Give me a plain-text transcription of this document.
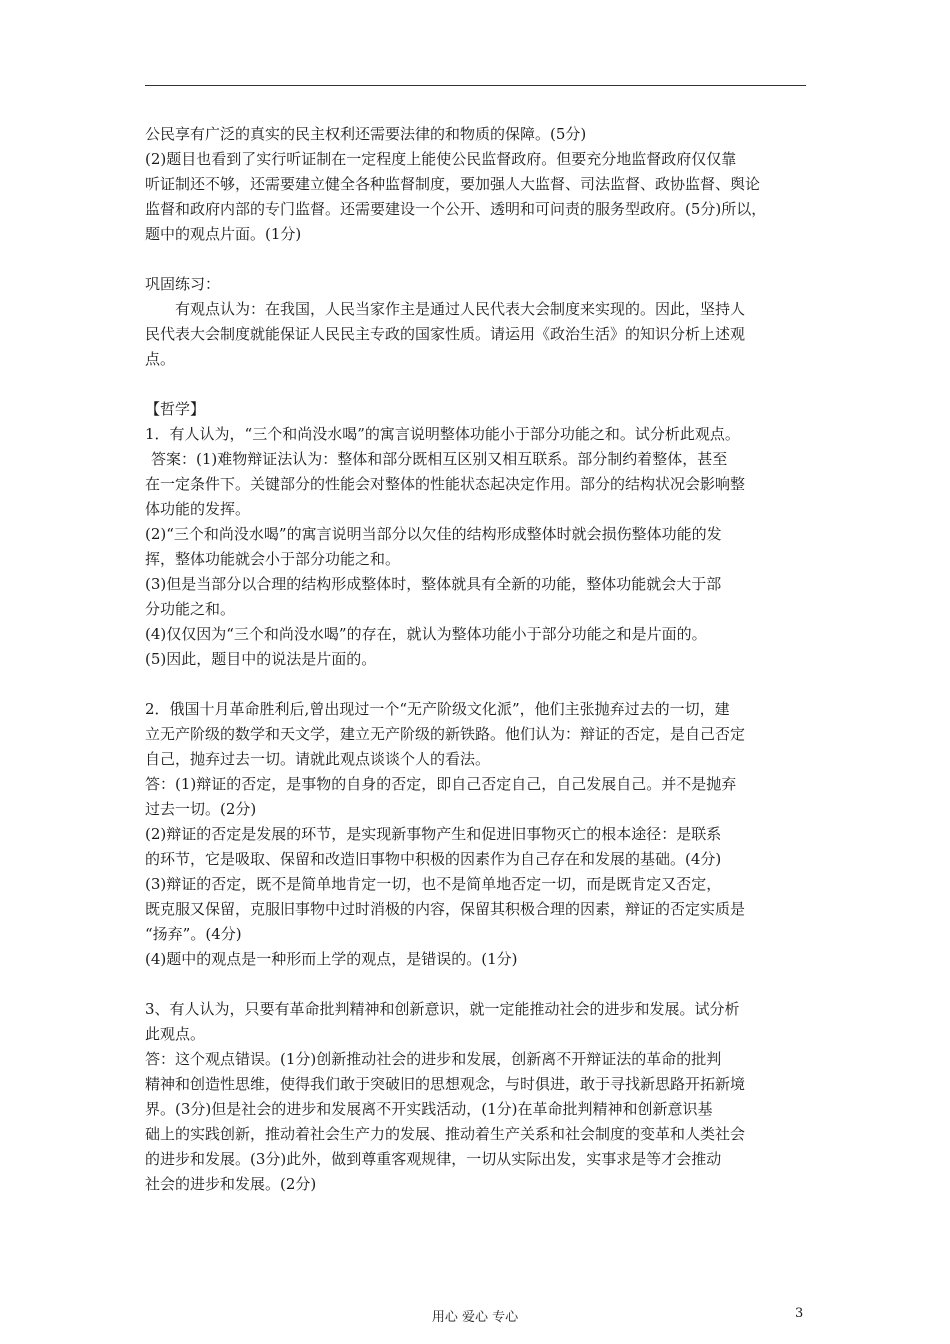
公民享有广泛的真实的民主权利还需要法律的和物质的保障。(5分)
(2)题目也看到了实行听证制在一定程度上能使公民监督政府。但要充分地监督政府仅仅靠
听证制还不够，还需要建立健全各种监督制度，要加强人大监督、司法监督、政协监督、舆论
监督和政府内部的专门监督。还需要建设一个公开、透明和可问责的服务型政府。(5分)所以，
题中的观点片面。(1分)
巩固练习：
有观点认为：在我国，人民当家作主是通过人民代表大会制度来实现的。因此，坚持人
民代表大会制度就能保证人民民主专政的国家性质。请运用《政治生活》的知识分析上述观
点。
【哲学】
1．有人认为，“三个和尚没水喝”的寓言说明整体功能小于部分功能之和。试分析此观点。
答案：(1)难物辩证法认为：整体和部分既相互区别又相互联系。部分制约着整体，甚至
在一定条件下。关键部分的性能会对整体的性能状态起决定作用。部分的结构状况会影响整
体功能的发挥。
(2)“三个和尚没水喝”的寓言说明当部分以欠佳的结构形成整体时就会损伤整体功能的发
挥，整体功能就会小于部分功能之和。
(3)但是当部分以合理的结构形成整体时，整体就具有全新的功能，整体功能就会大于部
分功能之和。
(4)仅仅因为“三个和尚没水喝”的存在，就认为整体功能小于部分功能之和是片面的。
(5)因此，题目中的说法是片面的。
2．俄国十月革命胜利后,曾出现过一个“无产阶级文化派”，他们主张抛弃过去的一切，建
立无产阶级的数学和天文学，建立无产阶级的新铁路。他们认为：辩证的否定，是自己否定
自己，抛弃过去一切。请就此观点谈谈个人的看法。
答：(1)辩证的否定，是事物的自身的否定，即自己否定自己，自己发展自己。并不是抛弃
过去一切。(2分)
(2)辩证的否定是发展的环节，是实现新事物产生和促进旧事物灭亡的根本途径：是联系
的环节，它是吸取、保留和改造旧事物中积极的因素作为自己存在和发展的基础。(4分)
(3)辩证的否定，既不是简单地肯定一切，也不是简单地否定一切，而是既肯定又否定，
既克服又保留，克服旧事物中过时消极的内容，保留其积极合理的因素，辩证的否定实质是
“扬弃”。(4分)
(4)题中的观点是一种形而上学的观点，是错误的。(1分)
3、有人认为，只要有革命批判精神和创新意识，就一定能推动社会的进步和发展。试分析
此观点。
答：这个观点错误。(1分)创新推动社会的进步和发展，创新离不开辩证法的革命的批判
精神和创造性思维，使得我们敢于突破旧的思想观念，与时俱进，敢于寻找新思路开拓新境
界。(3分)但是社会的进步和发展离不开实践活动，(1分)在革命批判精神和创新意识基
础上的实践创新，推动着社会生产力的发展、推动着生产关系和社会制度的变革和人类社会
的进步和发展。(3分)此外，做到尊重客观规律，一切从实际出发，实事求是等才会推动
社会的进步和发展。(2分)
用心 爱心 专心	3
